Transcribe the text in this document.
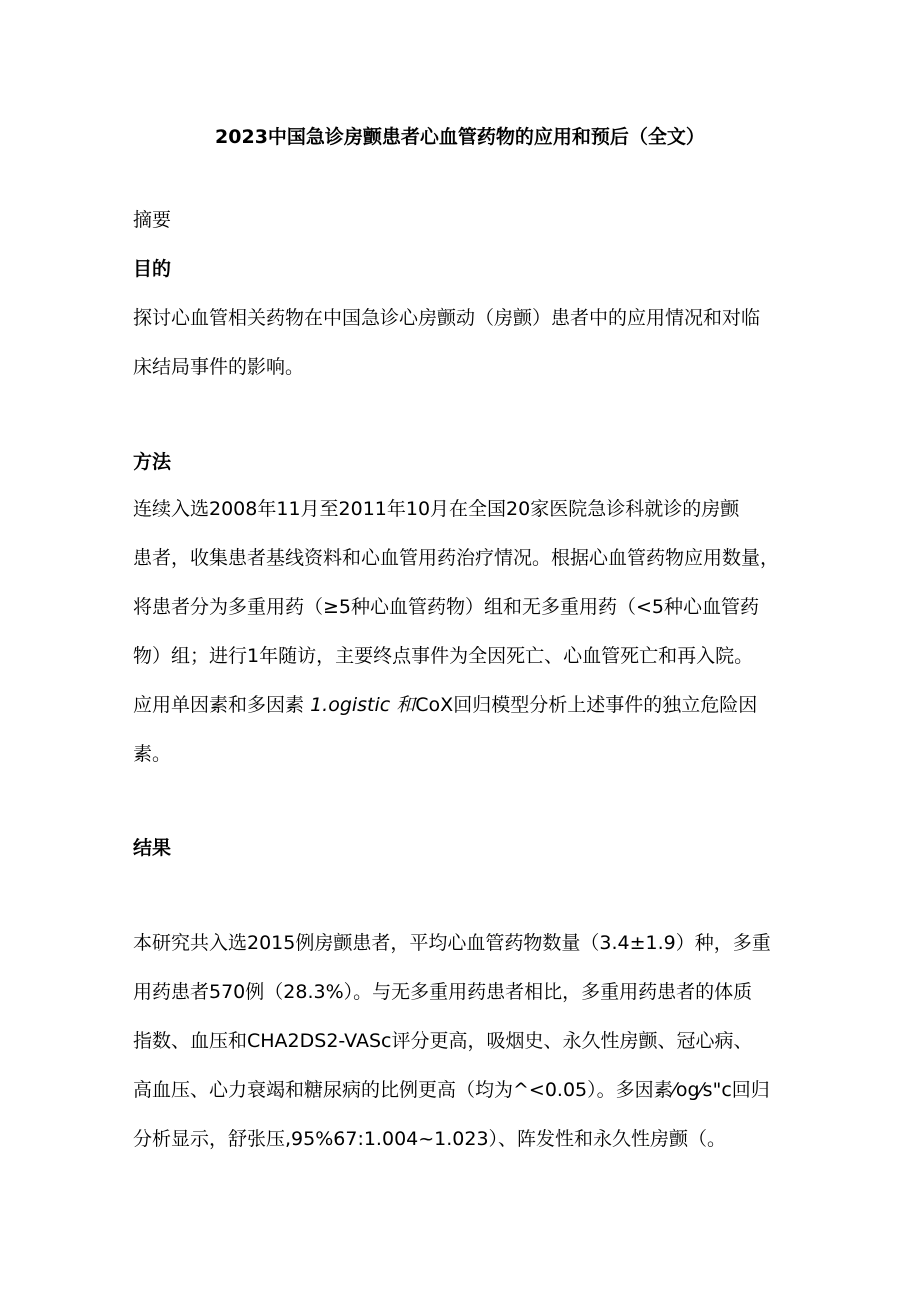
2023中国急诊房颤患者心血管药物的应用和预后（全文）
摘要
目的
探讨心血管相关药物在中国急诊心房颤动（房颤）患者中的应用情况和对临
床结局事件的影响。
方法
连续入选2008年11月至2011年10月在全国20家医院急诊科就诊的房颤
患者，收集患者基线资料和心血管用药治疗情况。根据心血管药物应用数量，
将患者分为多重用药（≥5种心血管药物）组和无多重用药（<5种心血管药
物）组；进行1年随访，主要终点事件为全因死亡、心血管死亡和再入院。
应用单因素和多因素 1.ogistic 和CoX回归模型分析上述事件的独立危险因
素。
结果
本研究共入选2015例房颤患者，平均心血管药物数量（3.4±1.9）种，多重
用药患者570例（28.3%）。与无多重用药患者相比，多重用药患者的体质
指数、血压和CHA2DS2-VASc评分更高，吸烟史、永久性房颤、冠心病、
高血压、心力衰竭和糖尿病的比例更高（均为^<0.05）。多因素⁄og⁄s"c回归
分析显示，舒张压,95%67:1.004~1.023）、阵发性和永久性房颤（。
